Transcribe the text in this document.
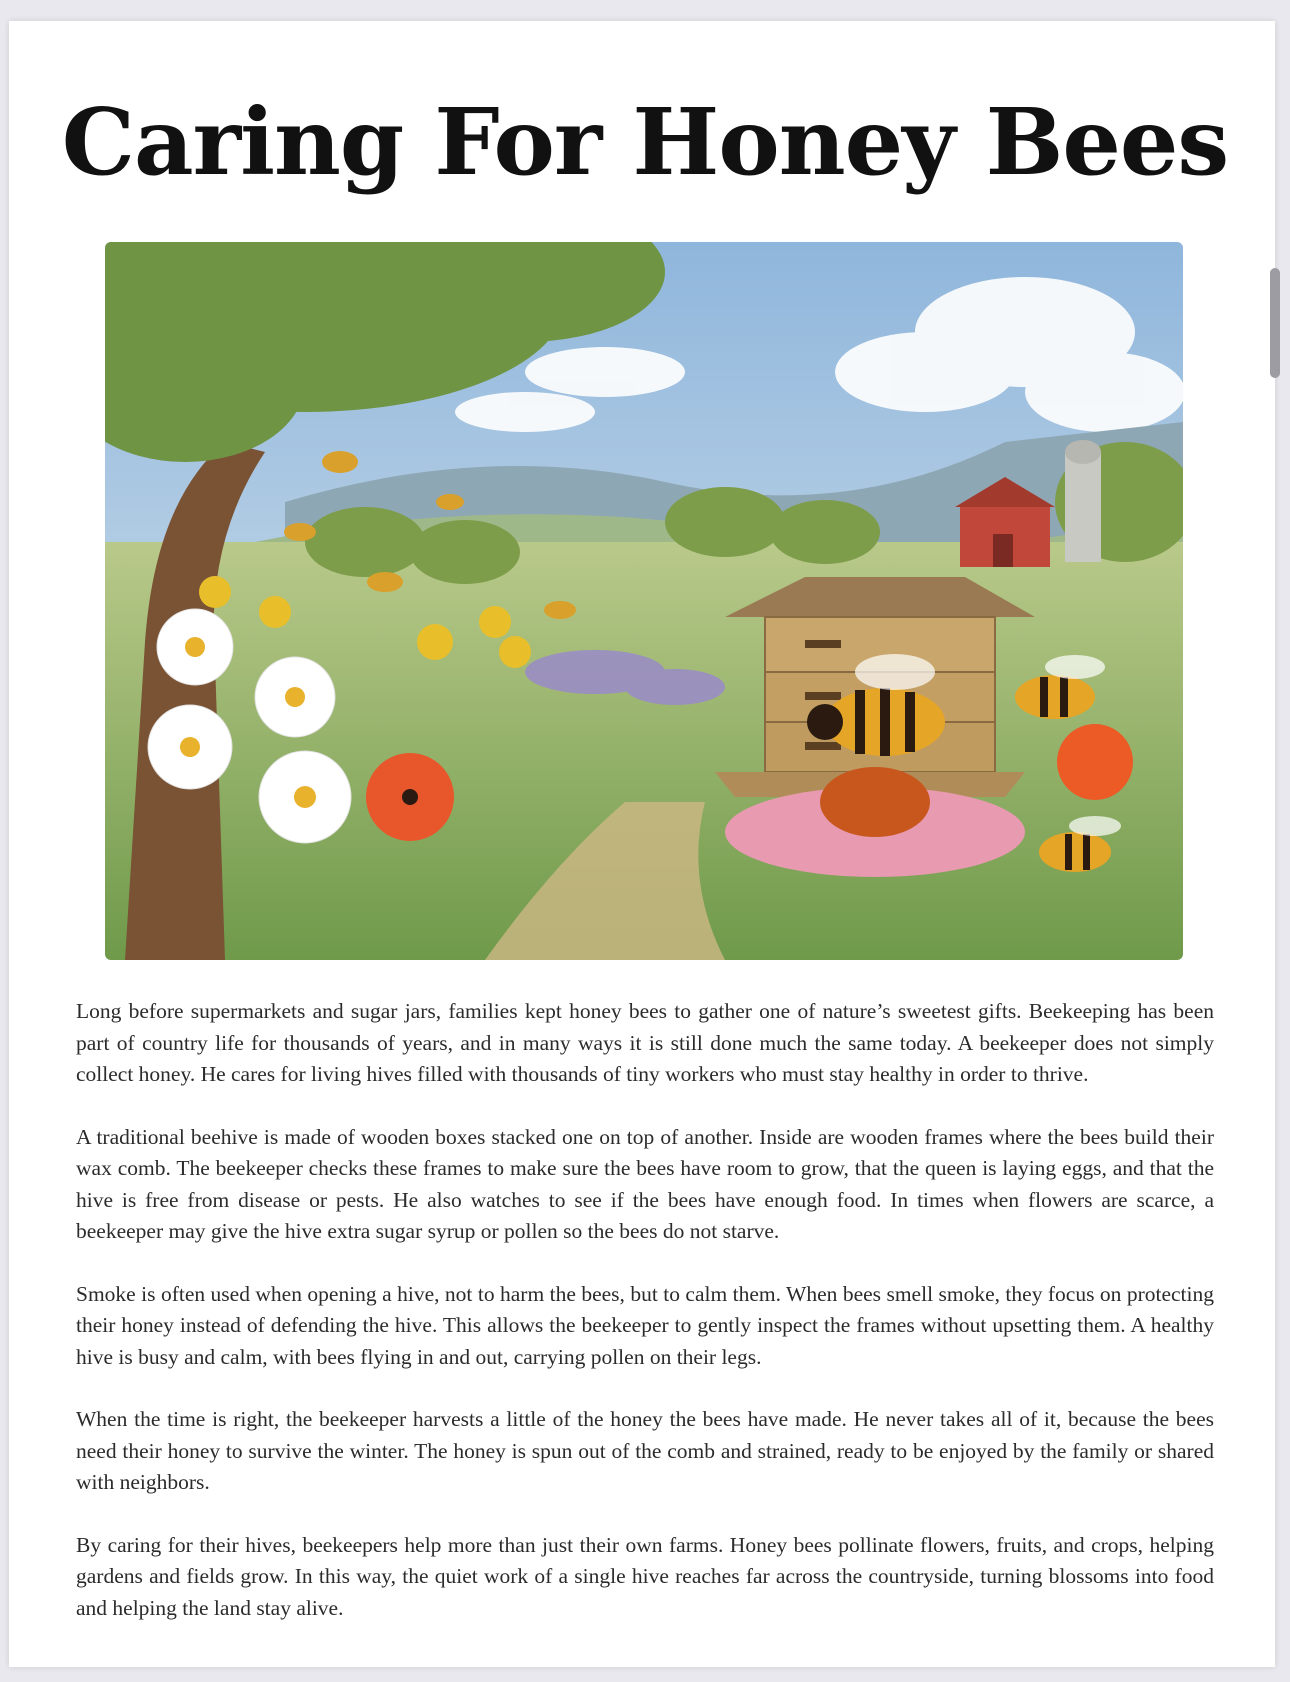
Caring For Honey Bees

Long before supermarkets and sugar jars, families kept honey bees to gather one of nature’s sweetest gifts. Beekeeping has been part of country life for thousands of years, and in many ways it is still done much the same today. A beekeeper does not simply collect honey. He cares for living hives filled with thousands of tiny workers who must stay healthy in order to thrive.

A traditional beehive is made of wooden boxes stacked one on top of another. Inside are wooden frames where the bees build their wax comb. The beekeeper checks these frames to make sure the bees have room to grow, that the queen is laying eggs, and that the hive is free from disease or pests. He also watches to see if the bees have enough food. In times when flowers are scarce, a beekeeper may give the hive extra sugar syrup or pollen so the bees do not starve.

Smoke is often used when opening a hive, not to harm the bees, but to calm them. When bees smell smoke, they focus on protecting their honey instead of defending the hive. This allows the beekeeper to gently inspect the frames without upsetting them. A healthy hive is busy and calm, with bees flying in and out, carrying pollen on their legs.

When the time is right, the beekeeper harvests a little of the honey the bees have made. He never takes all of it, because the bees need their honey to survive the winter. The honey is spun out of the comb and strained, ready to be enjoyed by the family or shared with neighbors.

By caring for their hives, beekeepers help more than just their own farms. Honey bees pollinate flowers, fruits, and crops, helping gardens and fields grow. In this way, the quiet work of a single hive reaches far across the countryside, turning blossoms into food and helping the land stay alive.
